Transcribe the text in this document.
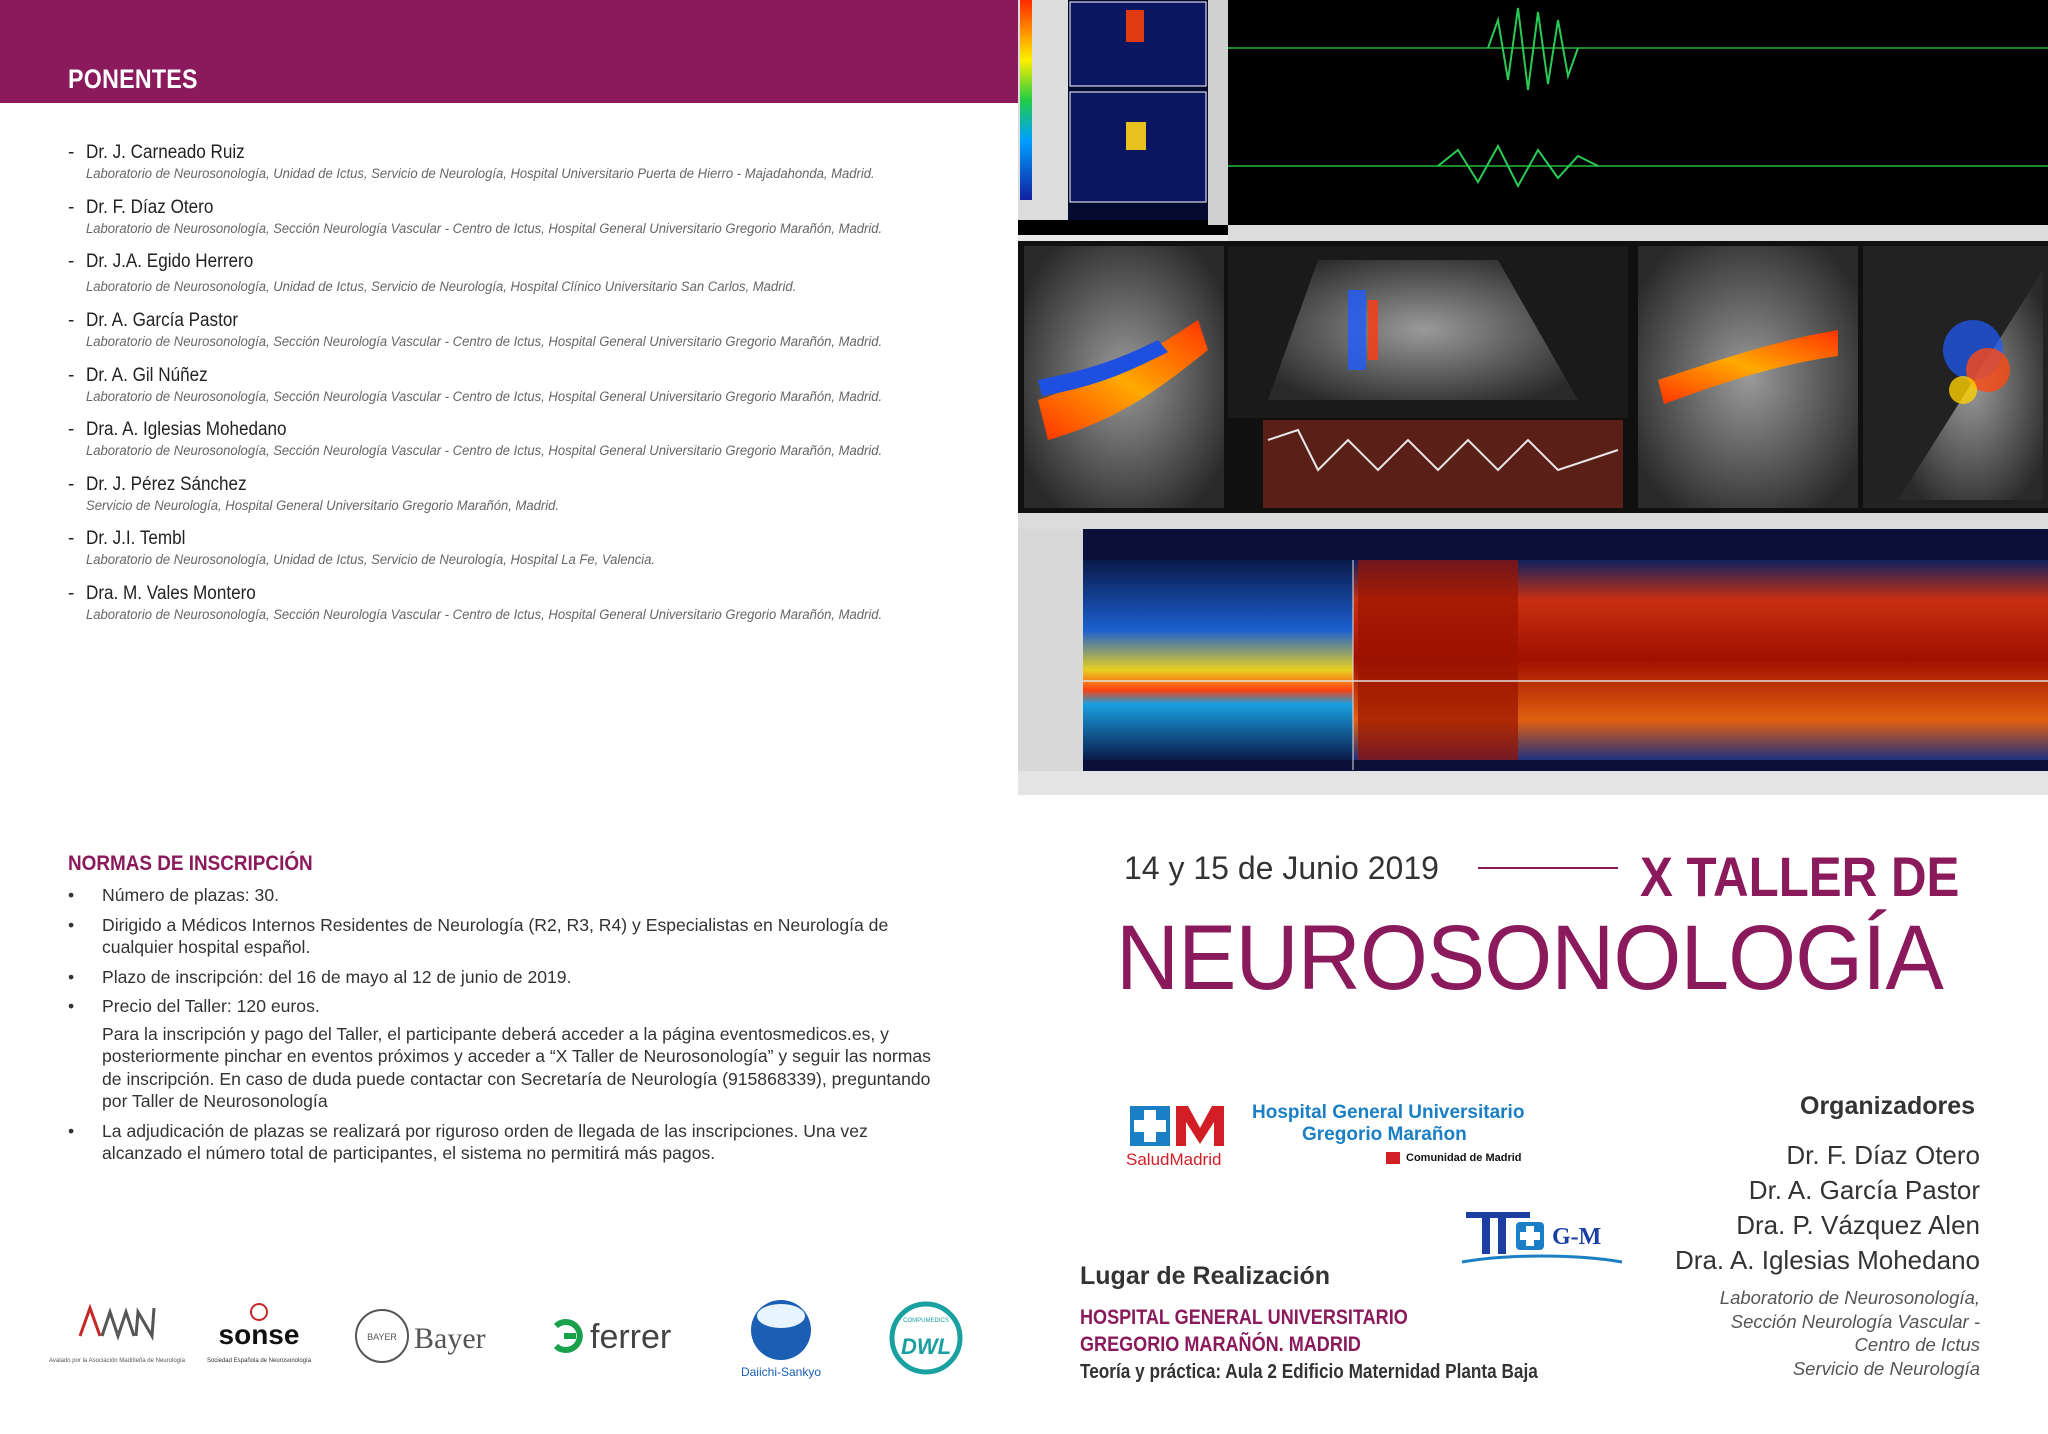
PONENTES
- Dr. J. Carneado Ruiz
Laboratorio de Neurosonología, Unidad de Ictus, Servicio de Neurología, Hospital Universitario Puerta de Hierro - Majadahonda, Madrid.
- Dr. F. Díaz Otero
Laboratorio de Neurosonología, Sección Neurología Vascular - Centro de Ictus, Hospital General Universitario Gregorio Marañón, Madrid.
- Dr. J.A. Egido Herrero
Laboratorio de Neurosonología, Unidad de Ictus, Servicio de Neurología, Hospital Clínico Universitario San Carlos, Madrid.
- Dr. A. García Pastor
Laboratorio de Neurosonología, Sección Neurología Vascular - Centro de Ictus, Hospital General Universitario Gregorio Marañón, Madrid.
- Dr. A. Gil Núñez
Laboratorio de Neurosonología, Sección Neurología Vascular - Centro de Ictus, Hospital General Universitario Gregorio Marañón, Madrid.
- Dra. A. Iglesias Mohedano
Laboratorio de Neurosonología, Sección Neurología Vascular - Centro de Ictus, Hospital General Universitario Gregorio Marañón, Madrid.
- Dr. J. Pérez Sánchez
Servicio de Neurología, Hospital General Universitario Gregorio Marañón, Madrid.
- Dr. J.I. Tembl
Laboratorio de Neurosonología, Unidad de Ictus, Servicio de Neurología, Hospital La Fe, Valencia.
- Dra. M. Vales Montero
Laboratorio de Neurosonología, Sección Neurología Vascular - Centro de Ictus, Hospital General Universitario Gregorio Marañón, Madrid.
NORMAS DE INSCRIPCIÓN
• Número de plazas: 30.
• Dirigido a Médicos Internos Residentes de Neurología (R2, R3, R4) y Especialistas en Neurología de cualquier hospital español.
• Plazo de inscripción: del 16 de mayo al 12 de junio de 2019.
• Precio del Taller: 120 euros.
Para la inscripción y pago del Taller, el participante deberá acceder a la página eventosmedicos.es, y posteriormente pinchar en eventos próximos y acceder a “X Taller de Neurosonología” y seguir las normas de inscripción. En caso de duda puede contactar con Secretaría de Neurología (915868339), preguntando por Taller de Neurosonología
• La adjudicación de plazas se realizará por riguroso orden de llegada de las inscripciones. Una vez alcanzado el número total de participantes, el sistema no permitirá más pagos.
AMN
Avalado por la Asociación Madrileña de Neurología
sonse
Sociedad Española de Neurosonología
BAYER Bayer	ferrer
Daiichi-Sankyo
COMPUMEDICS
DWL
14 y 15 de Junio 2019	X TALLER DE
NEUROSONOLOGÍA
SaludMadrid
Hospital General Universitario
Gregorio Marañon
Comunidad de Madrid
G-M
Organizadores
Dr. F. Díaz Otero
Dr. A. García Pastor
Dra. P. Vázquez Alen
Dra. A. Iglesias Mohedano
Laboratorio de Neurosonología,
Sección Neurología Vascular -
Centro de Ictus
Servicio de Neurología
Lugar de Realización
HOSPITAL GENERAL UNIVERSITARIO
GREGORIO MARAÑÓN. MADRID
Teoría y práctica: Aula 2 Edificio Maternidad Planta Baja
